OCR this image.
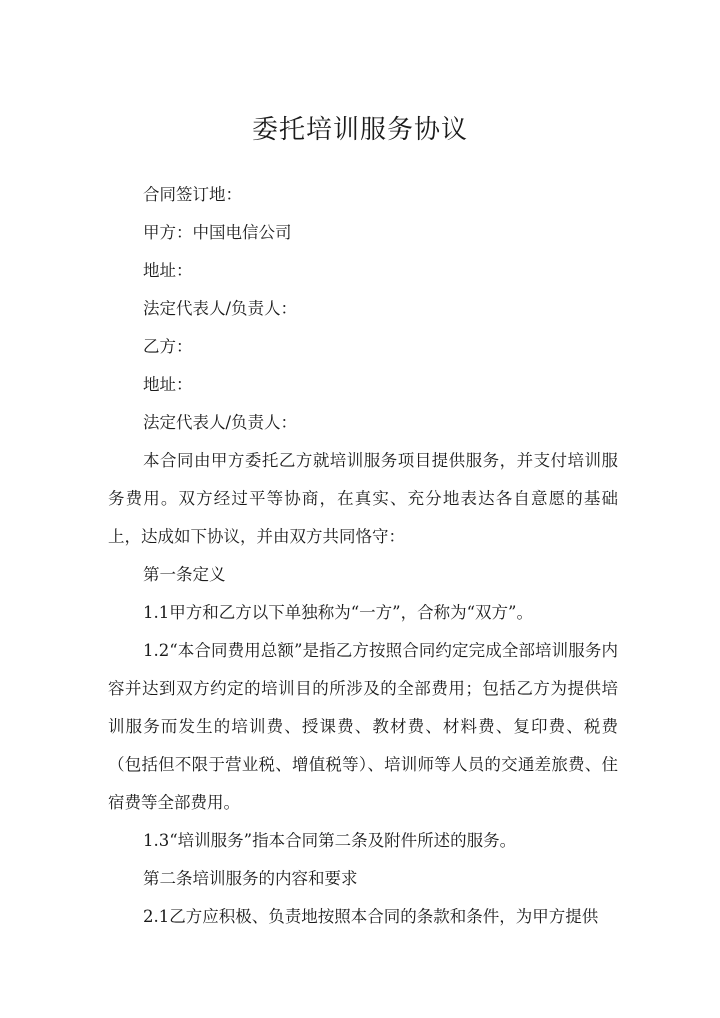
委托培训服务协议

合同签订地：

甲方：中国电信公司

地址：

法定代表人/负责人：

乙方：

地址：

法定代表人/负责人：

本合同由甲方委托乙方就培训服务项目提供服务，并支付培训服务费用。双方经过平等协商，在真实、充分地表达各自意愿的基础上，达成如下协议，并由双方共同恪守：

第一条定义

1.1甲方和乙方以下单独称为“一方”，合称为“双方”。

1.2“本合同费用总额”是指乙方按照合同约定完成全部培训服务内容并达到双方约定的培训目的所涉及的全部费用；包括乙方为提供培训服务而发生的培训费、授课费、教材费、材料费、复印费、税费（包括但不限于营业税、增值税等）、培训师等人员的交通差旅费、住宿费等全部费用。

1.3“培训服务”指本合同第二条及附件所述的服务。

第二条培训服务的内容和要求

2.1乙方应积极、负责地按照本合同的条款和条件，为甲方提供
